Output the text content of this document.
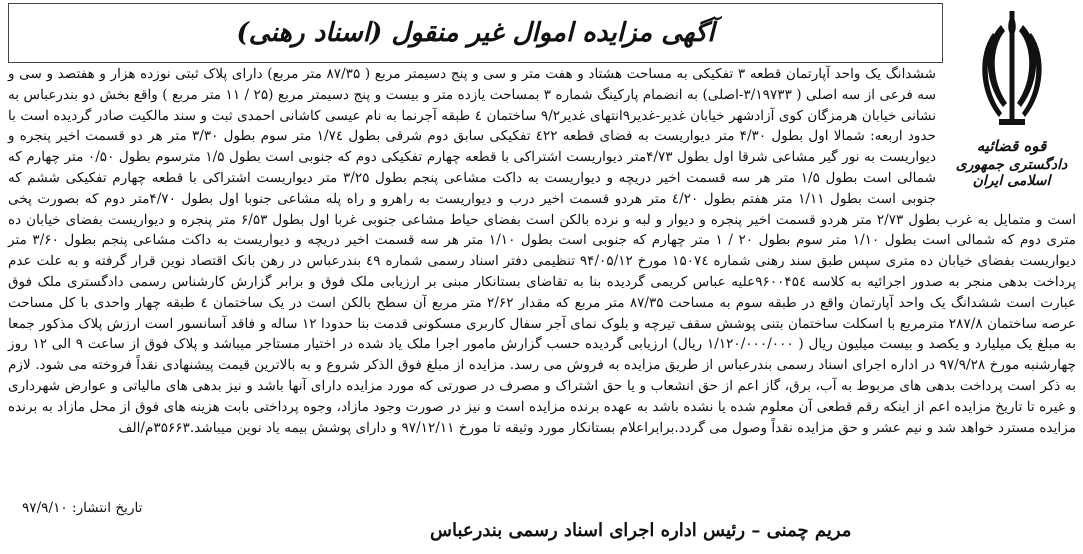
قوه قضائیه
دادگستری جمهوری اسلامی ایران
آگهی مزایده اموال غیر منقول (اسناد رهنی)
ششدانگ یک واحد آپارتمان قطعه ۳ تفکیکی به مساحت هشتاد و هفت متر و سی و پنج دسیمتر مربع ( ۸۷/۳۵ متر مربع) دارای پلاک ثبتی نوزده هزار و هفتصد و سی و سه فرعی از سه اصلی ( ۳/۱۹۷۳۳-اصلی) به انضمام پارکینگ شماره ۳ بمساحت یازده متر و بیست و پنج دسیمتر مربع (۲۵ / ۱۱ متر مربع ) واقع بخش دو بندرعباس به نشانی خیابان هرمزگان کوی آزادشهر خیابان غدیر-غدیر۹انتهای غدیر۹/۲ ساختمان ٤ طبقه آجرنما به نام عیسی کاشانی احمدی ثبت و سند مالکیت صادر گردیده است با حدود اربعه: شمالا اول بطول ۴/۳۰ متر دیواریست به فضای قطعه ٤٢٢ تفکیکی سابق دوم شرقی بطول ۱/٧٤ متر سوم بطول ۳/۳۰ متر هر دو قسمت اخیر پنجره و دیواریست به نور گیر مشاعی شرقا اول بطول ۴/٧٣متر دیواریست اشتراکی با قطعه چهارم تفکیکی دوم که جنوبی است بطول ۱/۵ مترسوم بطول ۰/۵۰ متر چهارم که شمالی است بطول ۱/۵ متر هر سه قسمت اخیر دریچه و دیواریست به داکت مشاعی پنجم بطول ۳/۲۵ متر دیواریست اشتراکی با قطعه چهارم تفکیکی ششم که جنوبی است بطول ۱/۱۱ متر هفتم بطول ٤/۲۰ متر هردو قسمت اخیر درب و دیواریست به راهرو و راه پله مشاعی جنوبا اول بطول ۴/۷۰متر دوم که بصورت پخی است و متمایل به غرب بطول ۲/۷۳ متر هردو قسمت اخیر پنجره و دیوار و لبه و نرده بالکن است بفضای حیاط مشاعی جنوبی غربا اول بطول ۶/۵۳ متر پنجره و دیواریست بفضای خیابان ده متری دوم که شمالی است بطول ۱/۱۰ متر سوم بطول ۲۰ / ۱ متر چهارم که جنوبی است بطول ۱/۱۰ متر هر سه قسمت اخیر دریچه و دیواریست به داکت مشاعی پنجم بطول ۳/۶۰ متر دیواریست بفضای خیابان ده متری سپس طبق سند رهنی شماره ۱۵۰۷٤ مورخ ۹۴/۰۵/۱۲ تنظیمی دفتر اسناد رسمی شماره ٤٩ بندرعباس در رهن بانک اقتصاد نوین قرار گرفته و به علت عدم پرداخت بدهی منجر به صدور اجرائیه به کلاسه ۹۶۰۰۴۵٤علیه عباس کریمی گردیده بنا به تقاضای بستانکار مبنی بر ارزیابی ملک فوق و برابر گزارش کارشناس رسمی دادگستری ملک فوق عبارت است ششدانگ یک واحد آپارتمان واقع در طبقه سوم به مساحت ۸۷/۳۵ متر مربع که مقدار ۲/۶۲ متر مربع آن سطح بالکن است در یک ساختمان ٤ طبقه چهار واحدی با کل مساحت عرصه ساختمان ۲۸۷/۸ مترمربع با اسکلت ساختمان بتنی پوشش سقف تیرچه و بلوک نمای آجر سفال کاربری مسکونی قدمت بنا حدودا ۱۲ ساله و فاقد آسانسور است ارزش پلاک مذکور جمعا به مبلغ یک میلیارد و یکصد و بیست میلیون ریال ( ۱/۱۲۰/۰۰۰/۰۰۰ ریال) ارزیابی گردیده حسب گزارش مامور اجرا ملک یاد شده در اختیار مستاجر میباشد و پلاک فوق از ساعت ۹ الی ۱۲ روز چهارشنبه مورخ ۹۷/۹/۲۸ در اداره اجرای اسناد رسمی بندرعباس از طریق مزایده به فروش می رسد. مزایده از مبلغ فوق الذکر شروع و به بالاترین قیمت پیشنهادی نقداً فروخته می شود. لازم به ذکر است پرداخت بدهی های مربوط به آب، برق، گاز اعم از حق انشعاب و یا حق اشتراک و مصرف در صورتی که مورد مزایده دارای آنها باشد و نیز بدهی های مالیاتی و عوارض شهرداری و غیره تا تاریخ مزایده اعم از اینکه رقم قطعی آن معلوم شده یا نشده باشد به عهده برنده مزایده است و نیز در صورت وجود مازاد، وجوه پرداختی بابت هزینه های فوق از محل مازاد به برنده مزایده مسترد خواهد شد و نیم عشر و حق مزایده نقداً وصول می گردد.برابراعلام بستانکار مورد وثیقه تا مورخ ۹۷/۱۲/۱۱ و دارای پوشش بیمه یاد نوین میباشد.۳۵۶۶۳م/الف
تاریخ انتشار: ۹۷/۹/۱۰
مریم چمنی – رئیس اداره اجرای اسناد رسمی بندرعباس
